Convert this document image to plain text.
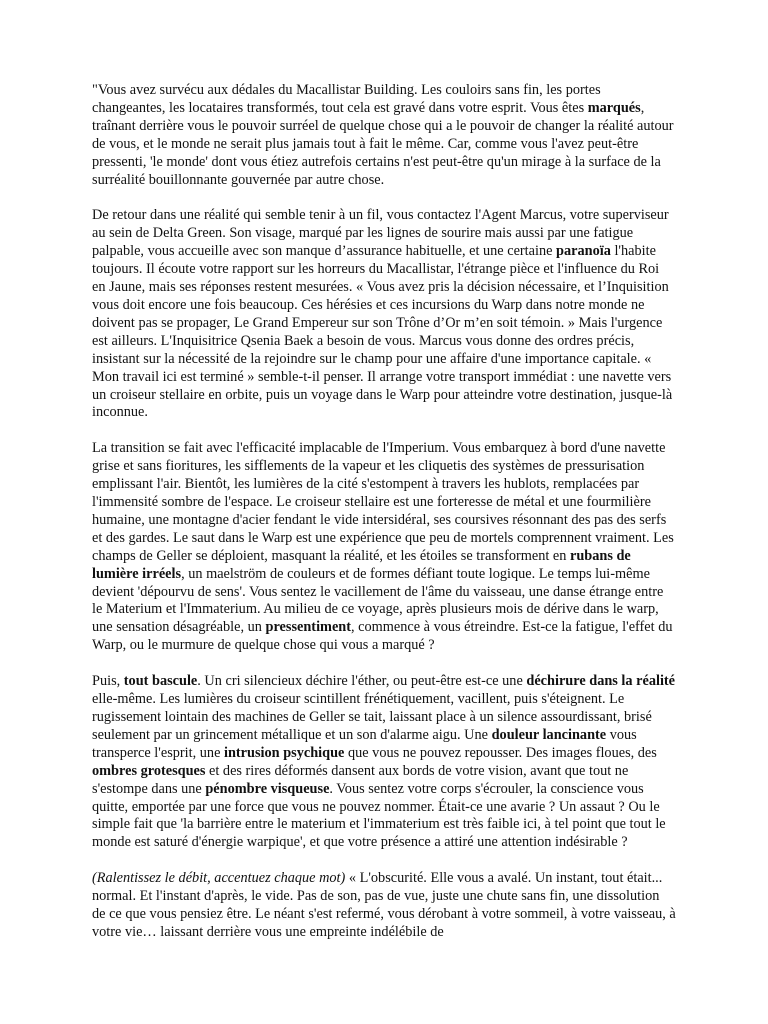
"Vous avez survécu aux dédales du Macallistar Building. Les couloirs sans fin, les portes changeantes, les locataires transformés, tout cela est gravé dans votre esprit. Vous êtes marqués, traînant derrière vous le pouvoir surréel de quelque chose qui a le pouvoir de changer la réalité autour de vous, et le monde ne serait plus jamais tout à fait le même. Car, comme vous l'avez peut-être pressenti, 'le monde' dont vous étiez autrefois certains n'est peut-être qu'un mirage à la surface de la surréalité bouillonnante gouvernée par autre chose.

De retour dans une réalité qui semble tenir à un fil, vous contactez l'Agent Marcus, votre superviseur au sein de Delta Green. Son visage, marqué par les lignes de sourire mais aussi par une fatigue palpable, vous accueille avec son manque d’assurance habituelle, et une certaine paranoïa l'habite toujours. Il écoute votre rapport sur les horreurs du Macallistar, l'étrange pièce et l'influence du Roi en Jaune, mais ses réponses restent mesurées. « Vous avez pris la décision nécessaire, et l’Inquisition vous doit encore une fois beaucoup. Ces hérésies et ces incursions du Warp dans notre monde ne doivent pas se propager, Le Grand Empereur sur son Trône d’Or m’en soit témoin. » Mais l'urgence est ailleurs. L'Inquisitrice Qsenia Baek a besoin de vous. Marcus vous donne des ordres précis, insistant sur la nécessité de la rejoindre sur le champ pour une affaire d'une importance capitale. « Mon travail ici est terminé » semble-t-il penser. Il arrange votre transport immédiat : une navette vers un croiseur stellaire en orbite, puis un voyage dans le Warp pour atteindre votre destination, jusque-là inconnue.

La transition se fait avec l'efficacité implacable de l'Imperium. Vous embarquez à bord d'une navette grise et sans fioritures, les sifflements de la vapeur et les cliquetis des systèmes de pressurisation emplissant l'air. Bientôt, les lumières de la cité s'estompent à travers les hublots, remplacées par l'immensité sombre de l'espace. Le croiseur stellaire est une forteresse de métal et une fourmilière humaine, une montagne d'acier fendant le vide intersidéral, ses coursives résonnant des pas des serfs et des gardes. Le saut dans le Warp est une expérience que peu de mortels comprennent vraiment. Les champs de Geller se déploient, masquant la réalité, et les étoiles se transforment en rubans de lumière irréels, un maelström de couleurs et de formes défiant toute logique. Le temps lui-même devient 'dépourvu de sens'. Vous sentez le vacillement de l'âme du vaisseau, une danse étrange entre le Materium et l'Immaterium. Au milieu de ce voyage, après plusieurs mois de dérive dans le warp, une sensation désagréable, un pressentiment, commence à vous étreindre. Est-ce la fatigue, l'effet du Warp, ou le murmure de quelque chose qui vous a marqué ?

Puis, tout bascule. Un cri silencieux déchire l'éther, ou peut-être est-ce une déchirure dans la réalité elle-même. Les lumières du croiseur scintillent frénétiquement, vacillent, puis s'éteignent. Le rugissement lointain des machines de Geller se tait, laissant place à un silence assourdissant, brisé seulement par un grincement métallique et un son d'alarme aigu. Une douleur lancinante vous transperce l'esprit, une intrusion psychique que vous ne pouvez repousser. Des images floues, des ombres grotesques et des rires déformés dansent aux bords de votre vision, avant que tout ne s'estompe dans une pénombre visqueuse. Vous sentez votre corps s'écrouler, la conscience vous quitte, emportée par une force que vous ne pouvez nommer. Était-ce une avarie ? Un assaut ? Ou le simple fait que 'la barrière entre le materium et l'immaterium est très faible ici, à tel point que tout le monde est saturé d'énergie warpique', et que votre présence a attiré une attention indésirable ?

(Ralentissez le débit, accentuez chaque mot) « L'obscurité. Elle vous a avalé. Un instant, tout était... normal. Et l'instant d'après, le vide. Pas de son, pas de vue, juste une chute sans fin, une dissolution de ce que vous pensiez être. Le néant s'est refermé, vous dérobant à votre sommeil, à votre vaisseau, à votre vie… laissant derrière vous une empreinte indélébile de
